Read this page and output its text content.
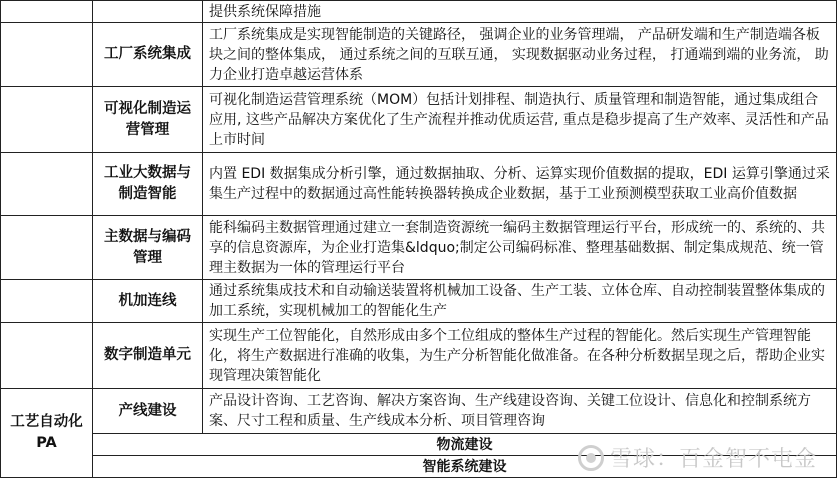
		提供系统保障措施
	工厂系统集成	工厂系统集成是实现智能制造的关键路径， 强调企业的业务管理端， 产品研发端和生产制造端各板块之间的整体集成， 通过系统之间的互联互通， 实现数据驱动业务过程， 打通端到端的业务流， 助力企业打造卓越运营体系
	可视化制造运营管理	可视化制造运营管理系统（MOM）包括计划排程、制造执行、质量管理和制造智能，通过集成组合应用, 这些产品解决方案优化了生产流程并推动优质运营, 重点是稳步提高了生产效率、灵活性和产品上市时间
	工业大数据与制造智能	内置 EDI 数据集成分析引擎，通过数据抽取、分析、运算实现价值数据的提取，EDI 运算引擎通过采集生产过程中的数据通过高性能转换器转换成企业数据，基于工业预测模型获取工业高价值数据
	主数据与编码管理	能科编码主数据管理通过建立一套制造资源统一编码主数据管理运行平台，形成统一的、系统的、共享的信息资源库，为企业打造集&ldquo;制定公司编码标准、整理基础数据、制定集成规范、统一管理主数据为一体的管理运行平台
	机加连线	通过系统集成技术和自动输送装置将机械加工设备、生产工装、立体仓库、自动控制装置整体集成的加工系统，实现机械加工的智能化生产
	数字制造单元	实现生产工位智能化，自然形成由多个工位组成的整体生产过程的智能化。然后实现生产管理智能化，将生产数据进行准确的收集，为生产分析智能化做准备。在各种分析数据呈现之后，帮助企业实现管理决策智能化
工艺自动化 PA	产线建设	产品设计咨询、工艺咨询、解决方案咨询、生产线建设咨询、关键工位设计、信息化和控制系统方案、尺寸工程和质量、生产线成本分析、项目管理咨询
	物流建设	
	智能系统建设		雪球：百金智不屯金
